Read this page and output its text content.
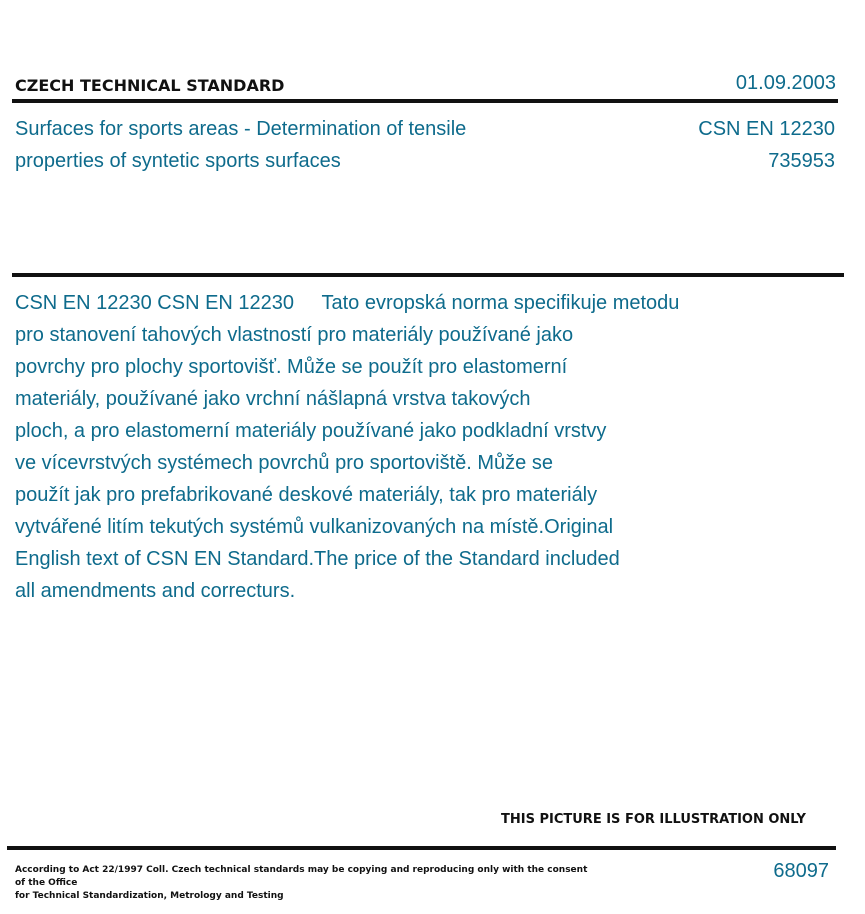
CZECH TECHNICAL STANDARD	01.09.2003
Surfaces for sports areas - Determination of tensile
properties of syntetic sports surfaces
CSN EN 12230
735953
CSN EN 12230 CSN EN 12230     Tato evropská norma specifikuje metodu
pro stanovení tahových vlastností pro materiály používané jako
povrchy pro plochy sportovišť. Může se použít pro elastomerní
materiály, používané jako vrchní nášlapná vrstva takových
ploch, a pro elastomerní materiály používané jako podkladní vrstvy
ve vícevrstvých systémech povrchů pro sportoviště. Může se
použít jak pro prefabrikované deskové materiály, tak pro materiály
vytvářené litím tekutých systémů vulkanizovaných na místě.Original
English text of CSN EN Standard.The price of the Standard included
all amendments and correcturs.
THIS PICTURE IS FOR ILLUSTRATION ONLY
According to Act 22/1997 Coll. Czech technical standards may be copying and reproducing only with the consent of the Office
for Technical Standardization, Metrology and Testing
68097
